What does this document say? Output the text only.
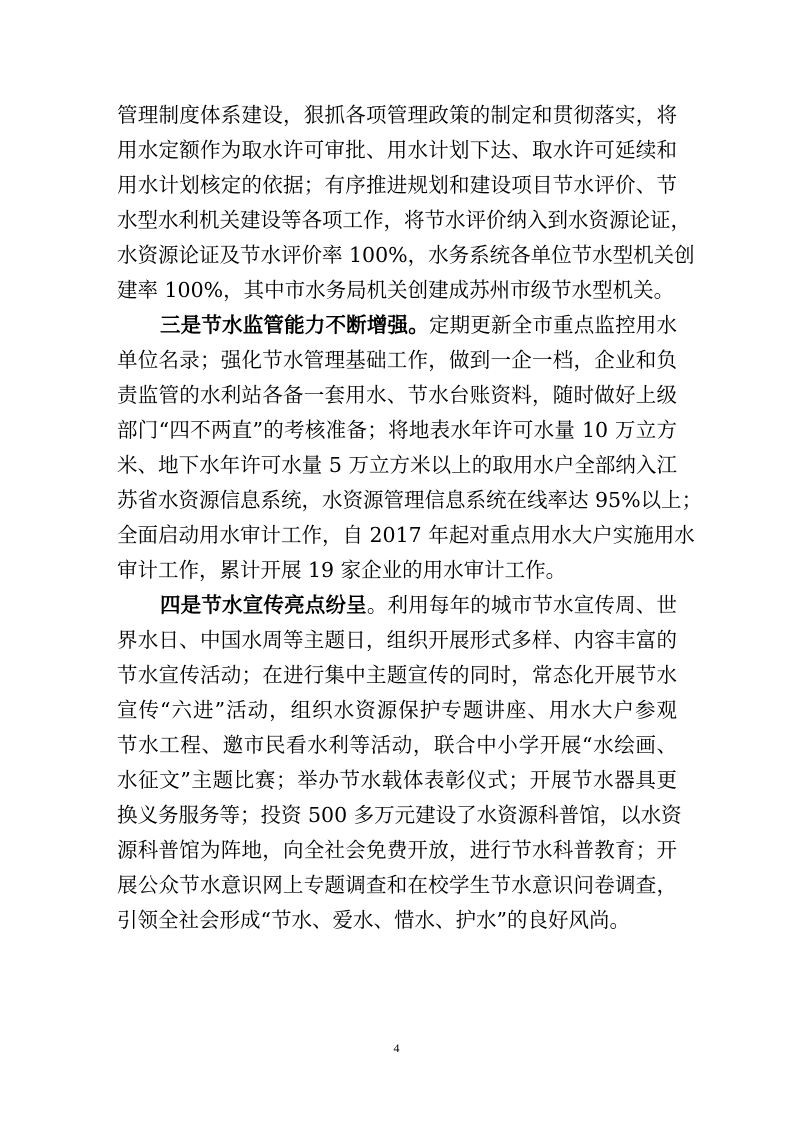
管理制度体系建设，狠抓各项管理政策的制定和贯彻落实，将
用水定额作为取水许可审批、用水计划下达、取水许可延续和
用水计划核定的依据；有序推进规划和建设项目节水评价、节
水型水利机关建设等各项工作，将节水评价纳入到水资源论证，
水资源论证及节水评价率 100%，水务系统各单位节水型机关创
建率 100%，其中市水务局机关创建成苏州市级节水型机关。
三是节水监管能力不断增强。定期更新全市重点监控用水
单位名录；强化节水管理基础工作，做到一企一档，企业和负
责监管的水利站各备一套用水、节水台账资料，随时做好上级
部门“四不两直”的考核准备；将地表水年许可水量 10 万立方
米、地下水年许可水量 5 万立方米以上的取用水户全部纳入江
苏省水资源信息系统，水资源管理信息系统在线率达 95%以上；
全面启动用水审计工作，自 2017 年起对重点用水大户实施用水
审计工作，累计开展 19 家企业的用水审计工作。
四是节水宣传亮点纷呈。利用每年的城市节水宣传周、世
界水日、中国水周等主题日，组织开展形式多样、内容丰富的
节水宣传活动；在进行集中主题宣传的同时，常态化开展节水
宣传“六进”活动，组织水资源保护专题讲座、用水大户参观
节水工程、邀市民看水利等活动，联合中小学开展“水绘画、
水征文”主题比赛；举办节水载体表彰仪式；开展节水器具更
换义务服务等；投资 500 多万元建设了水资源科普馆，以水资
源科普馆为阵地，向全社会免费开放，进行节水科普教育；开
展公众节水意识网上专题调查和在校学生节水意识问卷调查，
引领全社会形成“节水、爱水、惜水、护水”的良好风尚。
4
